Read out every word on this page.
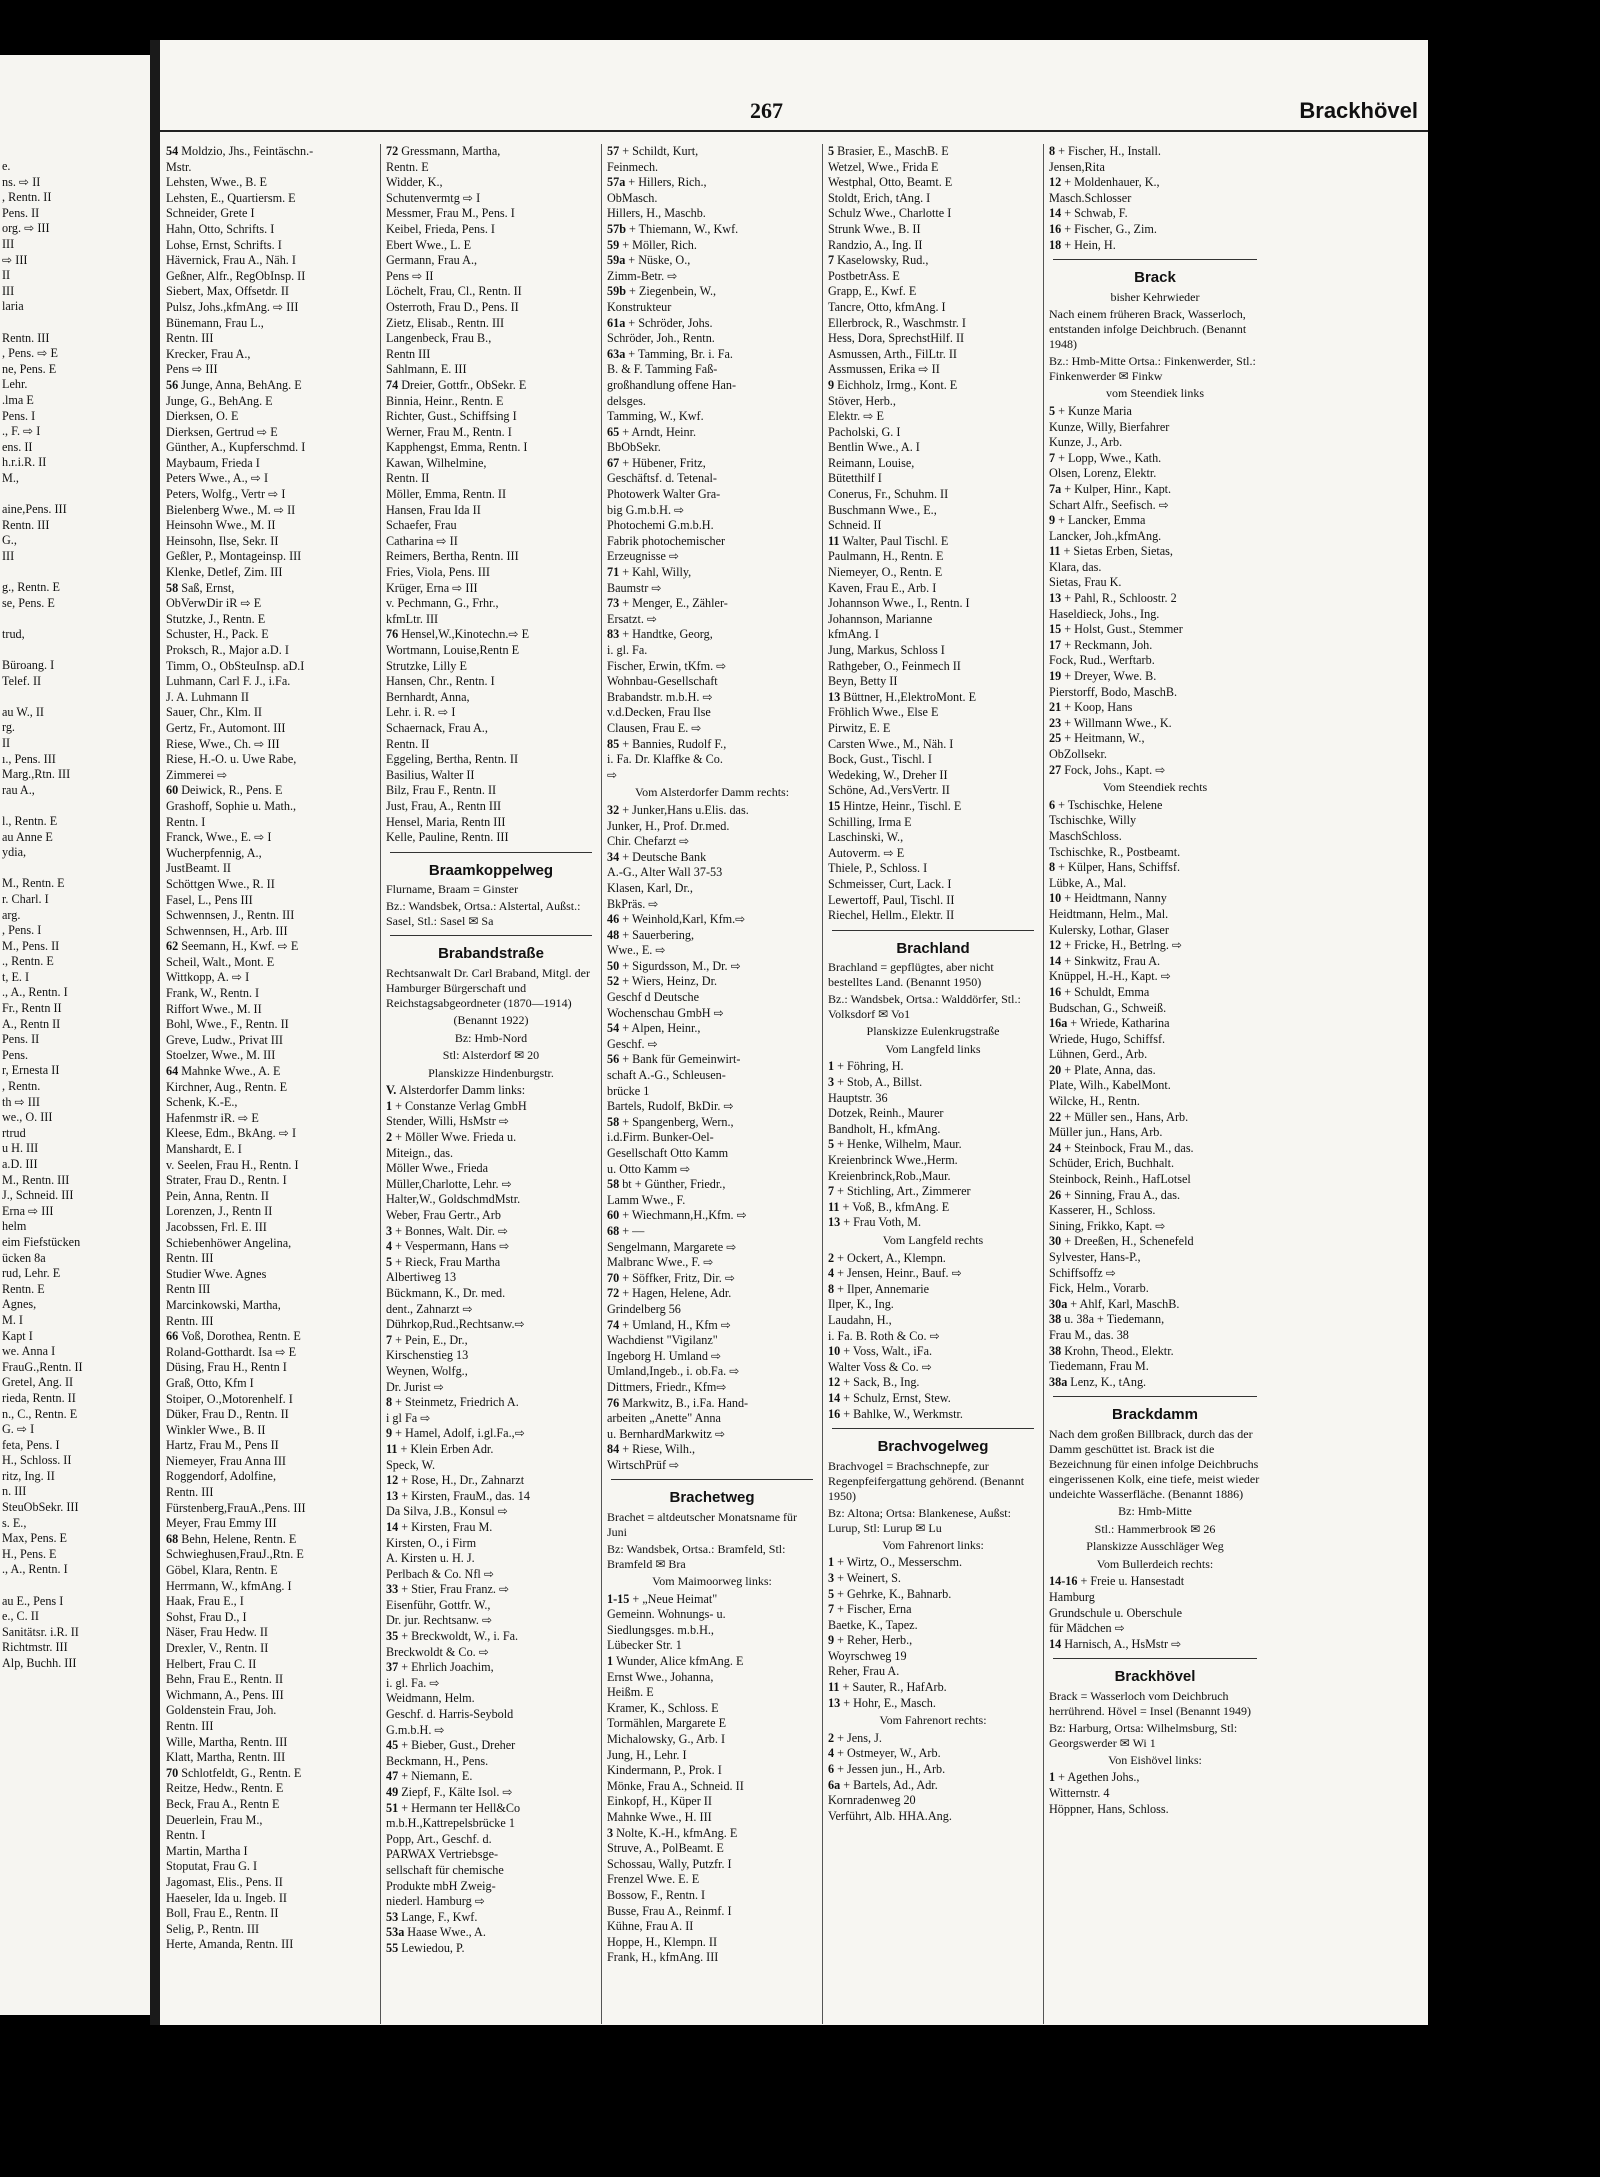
e.
ns. ⇨ II
, Rentn. II
Pens. II
org. ⇨ III
III
⇨ III
II
III
laria

Rentn. III
, Pens. ⇨ E
ne, Pens. E
Lehr.
.lma E
Pens. I
., F. ⇨ I
ens. II
h.r.i.R. II
M.,

aine,Pens. III
Rentn. III
G.,
III

g., Rentn. E
se, Pens. E

trud,

Büroang. I
Telef. II

au W., II
rg.
II
ı., Pens. III
Marg.,Rtn. III
rau A.,

l., Rentn. E
au Anne E
ydia,

M., Rentn. E
r. Charl. I
arg.
, Pens. I
M., Pens. II
., Rentn. E
t, E. I
., A., Rentn. I
Fr., Rentn II
A., Rentn II
Pens. II
Pens.
r, Ernesta II
, Rentn.
th ⇨ III
we., O. III
rtrud
u H. III
a.D. III
M., Rentn. III
J., Schneid. III
Erna ⇨ III
helm
eim Fiefstücken
ücken 8a
rud, Lehr. E
Rentn. E
Agnes,
M. I
Kapt I
we. Anna I
FrauG.,Rentn. II
Gretel, Ang. II
rieda, Rentn. II
n., C., Rentn. E
G. ⇨ I
feta, Pens. I
H., Schloss. II
ritz, Ing. II
n. III
SteuObSekr. III
s. E.,
Max, Pens. E
H., Pens. E
., A., Rentn. I

au E., Pens I
e., C. II
Sanitätsr. i.R. II
Richtmstr. III
Alp, Buchh. III
267	Brackhövel
54 Moldzio, Jhs., Feintäschn.-
Mstr.
Lehsten, Wwe., B. E
Lehsten, E., Quartiersm. E
Schneider, Grete I
Hahn, Otto, Schrifts. I
Lohse, Ernst, Schrifts. I
Hävernick, Frau A., Näh. I
Geßner, Alfr., RegObInsp. II
Siebert, Max, Offsetdr. II
Pulsz, Johs.,kfmAng. ⇨ III
Bünemann, Frau L.,
Rentn. III
Krecker, Frau A.,
Pens ⇨ III
56 Junge, Anna, BehAng. E
Junge, G., BehAng. E
Dierksen, O. E
Dierksen, Gertrud ⇨ E
Günther, A., Kupferschmd. I
Maybaum, Frieda I
Peters Wwe., A., ⇨ I
Peters, Wolfg., Vertr ⇨ I
Bielenberg Wwe., M. ⇨ II
Heinsohn Wwe., M. II
Heinsohn, Ilse, Sekr. II
Geßler, P., Montageinsp. III
Klenke, Detlef, Zim. III
58 Saß, Ernst,
ObVerwDir iR ⇨ E
Stutzke, J., Rentn. E
Schuster, H., Pack. E
Proksch, R., Major a.D. I
Timm, O., ObSteuInsp. aD.I
Luhmann, Carl F. J., i.Fa.
J. A. Luhmann II
Sauer, Chr., Klm. II
Gertz, Fr., Automont. III
Riese, Wwe., Ch. ⇨ III
Riese, H.-O. u. Uwe Rabe,
Zimmerei ⇨
60 Deiwick, R., Pens. E
Grashoff, Sophie u. Math.,
Rentn. I
Franck, Wwe., E. ⇨ I
Wucherpfennig, A.,
JustBeamt. II
Schöttgen Wwe., R. II
Fasel, L., Pens III
Schwennsen, J., Rentn. III
Schwennsen, H., Arb. III
62 Seemann, H., Kwf. ⇨ E
Scheil, Walt., Mont. E
Wittkopp, A. ⇨ I
Frank, W., Rentn. I
Riffort Wwe., M. II
Bohl, Wwe., F., Rentn. II
Greve, Ludw., Privat III
Stoelzer, Wwe., M. III
64 Mahnke Wwe., A. E
Kirchner, Aug., Rentn. E
Schenk, K.-E.,
Hafenmstr iR. ⇨ E
Kleese, Edm., BkAng. ⇨ I
Manshardt, E. I
v. Seelen, Frau H., Rentn. I
Strater, Frau D., Rentn. I
Pein, Anna, Rentn. II
Lorenzen, J., Rentn II
Jacobssen, Frl. E. III
Schiebenhöwer Angelina,
Rentn. III
Studier Wwe. Agnes
Rentn III
Marcinkowski, Martha,
Rentn. III
66 Voß, Dorothea, Rentn. E
Roland-Gotthardt. Isa ⇨ E
Düsing, Frau H., Rentn I
Graß, Otto, Kfm I
Stoiper, O.,Motorenhelf. I
Düker, Frau D., Rentn. II
Winkler Wwe., B. II
Hartz, Frau M., Pens II
Niemeyer, Frau Anna III
Roggendorf, Adolfine,
Rentn. III
Fürstenberg,FrauA.,Pens. III
Meyer, Frau Emmy III
68 Behn, Helene, Rentn. E
Schwieghusen,FrauJ.,Rtn. E
Göbel, Klara, Rentn. E
Herrmann, W., kfmAng. I
Haak, Frau E., I
Sohst, Frau D., I
Näser, Frau Hedw. II
Drexler, V., Rentn. II
Helbert, Frau C. II
Behn, Frau E., Rentn. II
Wichmann, A., Pens. III
Goldenstein Frau, Joh.
Rentn. III
Wille, Martha, Rentn. III
Klatt, Martha, Rentn. III
70 Schlotfeldt, G., Rentn. E
Reitze, Hedw., Rentn. E
Beck, Frau A., Rentn E
Deuerlein, Frau M.,
Rentn. I
Martin, Martha I
Stoputat, Frau G. I
Jagomast, Elis., Pens. II
Haeseler, Ida u. Ingeb. II
Boll, Frau E., Rentn. II
Selig, P., Rentn. III
Herte, Amanda, Rentn. III
72 Gressmann, Martha,
Rentn. E
Widder, K.,
Schutenvermtg ⇨ I
Messmer, Frau M., Pens. I
Keibel, Frieda, Pens. I
Ebert Wwe., L. E
Germann, Frau A.,
Pens ⇨ II
Löchelt, Frau, Cl., Rentn. II
Osterroth, Frau D., Pens. II
Zietz, Elisab., Rentn. III
Langenbeck, Frau B.,
Rentn III
Sahlmann, E. III
74 Dreier, Gottfr., ObSekr. E
Binnia, Heinr., Rentn. E
Richter, Gust., Schiffsing I
Werner, Frau M., Rentn. I
Kapphengst, Emma, Rentn. I
Kawan, Wilhelmine,
Rentn. II
Möller, Emma, Rentn. II
Hansen, Frau Ida II
Schaefer, Frau
Catharina ⇨ II
Reimers, Bertha, Rentn. III
Fries, Viola, Pens. III
Krüger, Erna ⇨ III
v. Pechmann, G., Frhr.,
kfmLtr. III
76 Hensel,W.,Kinotechn.⇨ E
Wortmann, Louise,Rentn E
Strutzke, Lilly E
Hansen, Chr., Rentn. I
Bernhardt, Anna,
Lehr. i. R. ⇨ I
Schaernack, Frau A.,
Rentn. II
Eggeling, Bertha, Rentn. II
Basilius, Walter II
Bilz, Frau F., Rentn. II
Just, Frau, A., Rentn III
Hensel, Maria, Rentn III
Kelle, Pauline, Rentn. III
Braamkoppelweg
Flurname, Braam = Ginster
Bz.: Wandsbek, Ortsa.: Alstertal, Außst.: Sasel, Stl.: Sasel ✉ Sa
Brabandstraße
Rechtsanwalt Dr. Carl Braband, Mitgl. der Hamburger Bürgerschaft und Reichstagsabgeordneter (1870—1914)
(Benannt 1922)
Bz: Hmb-Nord
Stl: Alsterdorf ✉ 20
Planskizze Hindenburgstr.
V. Alsterdorfer Damm links:
1 + Constanze Verlag GmbH
Stender, Willi, HsMstr ⇨
2 + Möller Wwe. Frieda u.
Miteign., das.
Möller Wwe., Frieda
Müller,Charlotte, Lehr. ⇨
Halter,W., GoldschmdMstr.
Weber, Frau Gertr., Arb
3 + Bonnes, Walt. Dir. ⇨
4 + Vespermann, Hans ⇨
5 + Rieck, Frau Martha
Albertiweg 13
Bückmann, K., Dr. med.
dent., Zahnarzt ⇨
Dührkop,Rud.,Rechtsanw.⇨
7 + Pein, E., Dr.,
Kirschenstieg 13
Weynen, Wolfg.,
Dr. Jurist ⇨
8 + Steinmetz, Friedrich A.
i gl Fa ⇨
9 + Hamel, Adolf, i.gl.Fa.,⇨
11 + Klein Erben Adr.
Speck, W.
12 + Rose, H., Dr., Zahnarzt
13 + Kirsten, FrauM., das. 14
Da Silva, J.B., Konsul ⇨
14 + Kirsten, Frau M.
Kirsten, O., i Firm
A. Kirsten u. H. J.
Perlbach & Co. Nfl ⇨
33 + Stier, Frau Franz. ⇨
Eisenführ, Gottfr. W.,
Dr. jur. Rechtsanw. ⇨
35 + Breckwoldt, W., i. Fa.
Breckwoldt & Co. ⇨
37 + Ehrlich Joachim,
i. gl. Fa. ⇨
Weidmann, Helm.
Geschf. d. Harris-Seybold
G.m.b.H. ⇨
45 + Bieber, Gust., Dreher
Beckmann, H., Pens.
47 + Niemann, E.
49 Ziepf, F., Kälte Isol. ⇨
51 + Hermann ter Hell&Co
m.b.H.,Kattrepelsbrücke 1
Popp, Art., Geschf. d.
PARWAX Vertriebsge-
sellschaft für chemische
Produkte mbH Zweig-
niederl. Hamburg ⇨
53 Lange, F., Kwf.
53a Haase Wwe., A.
55 Lewiedou, P.
57 + Schildt, Kurt,
Feinmech.
57a + Hillers, Rich.,
ObMasch.
Hillers, H., Maschb.
57b + Thiemann, W., Kwf.
59 + Möller, Rich.
59a + Nüske, O.,
Zimm-Betr. ⇨
59b + Ziegenbein, W.,
Konstrukteur
61a + Schröder, Johs.
Schröder, Joh., Rentn.
63a + Tamming, Br. i. Fa.
B. & F. Tamming Faß-
großhandlung offene Han-
delsges.
Tamming, W., Kwf.
65 + Arndt, Heinr.
BbObSekr.
67 + Hübener, Fritz,
Geschäftsf. d. Tetenal-
Photowerk Walter Gra-
big G.m.b.H. ⇨
Photochemi G.m.b.H.
Fabrik photochemischer
Erzeugnisse ⇨
71 + Kahl, Willy,
Baumstr ⇨
73 + Menger, E., Zähler-
Ersatzt. ⇨
83 + Handtke, Georg,
i. gl. Fa.
Fischer, Erwin, tKfm. ⇨
Wohnbau-Gesellschaft
Brabandstr. m.b.H. ⇨
v.d.Decken, Frau Ilse
Clausen, Frau E. ⇨
85 + Bannies, Rudolf F.,
i. Fa. Dr. Klaffke & Co.
⇨
Vom Alsterdorfer Damm rechts:
32 + Junker,Hans u.Elis. das.
Junker, H., Prof. Dr.med.
Chir. Chefarzt ⇨
34 + Deutsche Bank
A.-G., Alter Wall 37-53
Klasen, Karl, Dr.,
BkPräs. ⇨
46 + Weinhold,Karl, Kfm.⇨
48 + Sauerbering,
Wwe., E. ⇨
50 + Sigurdsson, M., Dr. ⇨
52 + Wiers, Heinz, Dr.
Geschf d Deutsche
Wochenschau GmbH ⇨
54 + Alpen, Heinr.,
Geschf. ⇨
56 + Bank für Gemeinwirt-
schaft A.-G., Schleusen-
brücke 1
Bartels, Rudolf, BkDir. ⇨
58 + Spangenberg, Wern.,
i.d.Firm. Bunker-Oel-
Gesellschaft Otto Kamm
u. Otto Kamm ⇨
58 bt + Günther, Friedr.,
Lamm Wwe., F.
60 + Wiechmann,H.,Kfm. ⇨
68 + —
Sengelmann, Margarete ⇨
Malbranc Wwe., F. ⇨
70 + Söffker, Fritz, Dir. ⇨
72 + Hagen, Helene, Adr.
Grindelberg 56
74 + Umland, H., Kfm ⇨
Wachdienst "Vigilanz"
Ingeborg H. Umland ⇨
Umland,Ingeb., i. ob.Fa. ⇨
Dittmers, Friedr., Kfm⇨
76 Markwitz, B., i.Fa. Hand-
arbeiten „Anette" Anna
u. BernhardMarkwitz ⇨
84 + Riese, Wilh.,
WirtschPrüf ⇨
Brachetweg
Brachet = altdeutscher Monatsname für Juni
Bz: Wandsbek, Ortsa.: Bramfeld, Stl: Bramfeld ✉ Bra
Vom Maimoorweg links:
1-15 + „Neue Heimat"
Gemeinn. Wohnungs- u.
Siedlungsges. m.b.H.,
Lübecker Str. 1
1 Wunder, Alice kfmAng. E
Ernst Wwe., Johanna,
Heißm. E
Kramer, K., Schloss. E
Tormählen, Margarete E
Michalowsky, G., Arb. I
Jung, H., Lehr. I
Kindermann, P., Prok. I
Mönke, Frau A., Schneid. II
Einkopf, H., Küper II
Mahnke Wwe., H. III
3 Nolte, K.-H., kfmAng. E
Struve, A., PolBeamt. E
Schossau, Wally, Putzfr. I
Frenzel Wwe. E. E
Bossow, F., Rentn. I
Busse, Frau A., Reinmf. I
Kühne, Frau A. II
Hoppe, H., Klempn. II
Frank, H., kfmAng. III
5 Brasier, E., MaschB. E
Wetzel, Wwe., Frida E
Westphal, Otto, Beamt. E
Stoldt, Erich, tAng. I
Schulz Wwe., Charlotte I
Strunk Wwe., B. II
Randzio, A., Ing. II
7 Kaselowsky, Rud.,
PostbetrAss. E
Grapp, E., Kwf. E
Tancre, Otto, kfmAng. I
Ellerbrock, R., Waschmstr. I
Hess, Dora, SprechstHilf. II
Asmussen, Arth., FilLtr. II
Assmussen, Erika ⇨ II
9 Eichholz, Irmg., Kont. E
Stöver, Herb.,
Elektr. ⇨ E
Pacholski, G. I
Bentlin Wwe., A. I
Reimann, Louise,
Bütetthilf I
Conerus, Fr., Schuhm. II
Buschmann Wwe., E.,
Schneid. II
11 Walter, Paul Tischl. E
Paulmann, H., Rentn. E
Niemeyer, O., Rentn. E
Kaven, Frau E., Arb. I
Johannson Wwe., I., Rentn. I
Johannson, Marianne
kfmAng. I
Jung, Markus, Schloss I
Rathgeber, O., Feinmech II
Beyn, Betty II
13 Büttner, H.,ElektroMont. E
Fröhlich Wwe., Else E
Pirwitz, E. E
Carsten Wwe., M., Näh. I
Bock, Gust., Tischl. I
Wedeking, W., Dreher II
Schöne, Ad.,VersVertr. II
15 Hintze, Heinr., Tischl. E
Schilling, Irma E
Laschinski, W.,
Autoverm. ⇨ E
Thiele, P., Schloss. I
Schmeisser, Curt, Lack. I
Lewertoff, Paul, Tischl. II
Riechel, Hellm., Elektr. II
Brachland
Brachland = gepflügtes, aber nicht bestelltes Land. (Benannt 1950)
Bz.: Wandsbek, Ortsa.: Walddörfer, Stl.: Volksdorf ✉ Vo1
Planskizze Eulenkrugstraße
Vom Langfeld links
1 + Föhring, H.
3 + Stob, A., Billst.
Hauptstr. 36
Dotzek, Reinh., Maurer
Bandholt, H., kfmAng.
5 + Henke, Wilhelm, Maur.
Kreienbrinck Wwe.,Herm.
Kreienbrinck,Rob.,Maur.
7 + Stichling, Art., Zimmerer
11 + Voß, B., kfmAng. E
13 + Frau Voth, M.
Vom Langfeld rechts
2 + Ockert, A., Klempn.
4 + Jensen, Heinr., Bauf. ⇨
8 + Ilper, Annemarie
Ilper, K., Ing.
Laudahn, H.,
i. Fa. B. Roth & Co. ⇨
10 + Voss, Walt., iFa.
Walter Voss & Co. ⇨
12 + Sack, B., Ing.
14 + Schulz, Ernst, Stew.
16 + Bahlke, W., Werkmstr.
Brachvogelweg
Brachvogel = Brachschnepfe, zur Regenpfeifergattung gehörend. (Benannt 1950)
Bz: Altona; Ortsa: Blankenese, Außst: Lurup, Stl: Lurup ✉ Lu
Vom Fahrenort links:
1 + Wirtz, O., Messerschm.
3 + Weinert, S.
5 + Gehrke, K., Bahnarb.
7 + Fischer, Erna
Baetke, K., Tapez.
9 + Reher, Herb.,
Woyrschweg 19
Reher, Frau A.
11 + Sauter, R., HafArb.
13 + Hohr, E., Masch.
Vom Fahrenort rechts:
2 + Jens, J.
4 + Ostmeyer, W., Arb.
6 + Jessen jun., H., Arb.
6a + Bartels, Ad., Adr.
Kornradenweg 20
Verführt, Alb. HHA.Ang.
8 + Fischer, H., Install.
Jensen,Rita
12 + Moldenhauer, K.,
Masch.Schlosser
14 + Schwab, F.
16 + Fischer, G., Zim.
18 + Hein, H.
Brack
bisher Kehrwieder
Nach einem früheren Brack, Wasserloch, entstanden infolge Deichbruch. (Benannt 1948)
Bz.: Hmb-Mitte Ortsa.: Finkenwerder, Stl.: Finkenwerder ✉ Finkw
vom Steendiek links
5 + Kunze Maria
Kunze, Willy, Bierfahrer
Kunze, J., Arb.
7 + Lopp, Wwe., Kath.
Olsen, Lorenz, Elektr.
7a + Kulper, Hinr., Kapt.
Schart Alfr., Seefisch. ⇨
9 + Lancker, Emma
Lancker, Joh.,kfmAng.
11 + Sietas Erben, Sietas,
Klara, das.
Sietas, Frau K.
13 + Pahl, R., Schloostr. 2
Haseldieck, Johs., Ing.
15 + Holst, Gust., Stemmer
17 + Reckmann, Joh.
Fock, Rud., Werftarb.
19 + Dreyer, Wwe. B.
Pierstorff, Bodo, MaschB.
21 + Koop, Hans
23 + Willmann Wwe., K.
25 + Heitmann, W.,
ObZollsekr.
27 Fock, Johs., Kapt. ⇨
Vom Steendiek rechts
6 + Tschischke, Helene
Tschischke, Willy
MaschSchloss.
Tschischke, R., Postbeamt.
8 + Külper, Hans, Schiffsf.
Lübke, A., Mal.
10 + Heidtmann, Nanny
Heidtmann, Helm., Mal.
Kulersky, Lothar, Glaser
12 + Fricke, H., Betrlng. ⇨
14 + Sinkwitz, Frau A.
Knüppel, H.-H., Kapt. ⇨
16 + Schuldt, Emma
Budschan, G., Schweiß.
16a + Wriede, Katharina
Wriede, Hugo, Schiffsf.
Lühnen, Gerd., Arb.
20 + Plate, Anna, das.
Plate, Wilh., KabelMont.
Wilcke, H., Rentn.
22 + Müller sen., Hans, Arb.
Müller jun., Hans, Arb.
24 + Steinbock, Frau M., das.
Schüder, Erich, Buchhalt.
Steinbock, Reinh., HafLotsel
26 + Sinning, Frau A., das.
Kasserer, H., Schloss.
Sining, Frikko, Kapt. ⇨
30 + Dreeßen, H., Schenefeld
Sylvester, Hans-P.,
Schiffsoffz ⇨
Fick, Helm., Vorarb.
30a + Ahlf, Karl, MaschB.
38 u. 38a + Tiedemann,
Frau M., das. 38
38 Krohn, Theod., Elektr.
Tiedemann, Frau M.
38a Lenz, K., tAng.
Brackdamm
Nach dem großen Billbrack, durch das der Damm geschüttet ist. Brack ist die Bezeichnung für einen infolge Deichbruchs eingerissenen Kolk, eine tiefe, meist wieder undeichte Wasserfläche. (Benannt 1886)
Bz: Hmb-Mitte
Stl.: Hammerbrook ✉ 26
Planskizze Ausschläger Weg
Vom Bullerdeich rechts:
14-16 + Freie u. Hansestadt
Hamburg
Grundschule u. Oberschule
für Mädchen ⇨
14 Harnisch, A., HsMstr ⇨
Brackhövel
Brack = Wasserloch vom Deichbruch herrührend. Hövel = Insel (Benannt 1949)
Bz: Harburg, Ortsa: Wilhelmsburg, Stl: Georgswerder ✉ Wi 1
Von Eishövel links:
1 + Agethen Johs.,
Witternstr. 4
Höppner, Hans, Schloss.
